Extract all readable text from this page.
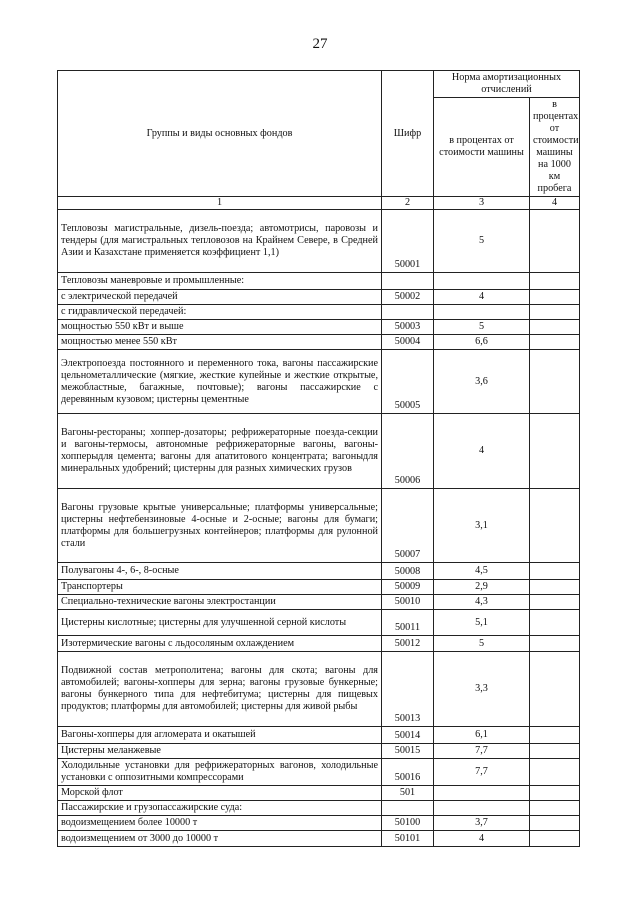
27
Группы и виды основных фондов	Шифр	Норма амортизационных отчислений	
		в процентах от стоимости машины	в процентах от стоимости машины на 1000 км пробега
1	2	3	4
Тепловозы магистральные, дизель-поезда; автомотрисы, паровозы и тендеры (для магистральных тепловозов на Крайнем Севере, в Средней Азии и Казахстане применяется коэффициент 1,1)	50001	5	
Тепловозы маневровые и промышленные:			
с электрической передачей	50002	4	
с гидравлической передачей:			
мощностью 550 кВт и выше	50003	5	
мощностью менее 550 кВт	50004	6,6	
Электропоезда постоянного и переменного тока, вагоны пассажирские цельнометаллические (мягкие, жесткие купейные и жесткие открытые, межобластные, багажные, почтовые); вагоны пассажирские с деревянным кузовом; цистерны цементные	50005	3,6	
Вагоны-рестораны; хоппер-дозаторы; рефрижераторные поезда-секции и вагоны-термосы, автономные рефрижераторные вагоны, вагоны-хопперыдля цемента; вагоны для апатитового концентрата; вагоныдля минеральных удобрений; цистерны для разных химических грузов	50006	4	
Вагоны грузовые крытые универсальные; платформы универсальные; цистерны нефтебензиновые 4-осные и 2-осные; вагоны для бумаги; платформы для большегрузных контейнеров; платформы для рулонной стали	50007	3,1	
Полувагоны 4-, 6-, 8-осные	50008	4,5	
Транспортеры	50009	2,9	
Специально-технические вагоны электростанции	50010	4,3	
Цистерны кислотные; цистерны для улучшенной серной кислоты	50011	5,1	
Изотермические вагоны с льдосоляным охлаждением	50012	5	
Подвижной состав метрополитена; вагоны для скота; вагоны для автомобилей; вагоны-хопперы для зерна; вагоны грузовые бункерные; вагоны бункерного типа для нефтебитума; цистерны для пищевых продуктов; платформы для автомобилей; цистерны для живой рыбы	50013	3,3	
Вагоны-хопперы для агломерата и окатышей	50014	6,1	
Цистерны меланжевые	50015	7,7	
Холодильные установки для рефрижераторных вагонов, холодильные установки с оппозитными компрессорами	50016	7,7	
Морской флот	501		
Пассажирские и грузопассажирские суда:			
водоизмещением более 10000 т	50100	3,7	
водоизмещением от 3000 до 10000 т	50101	4	
